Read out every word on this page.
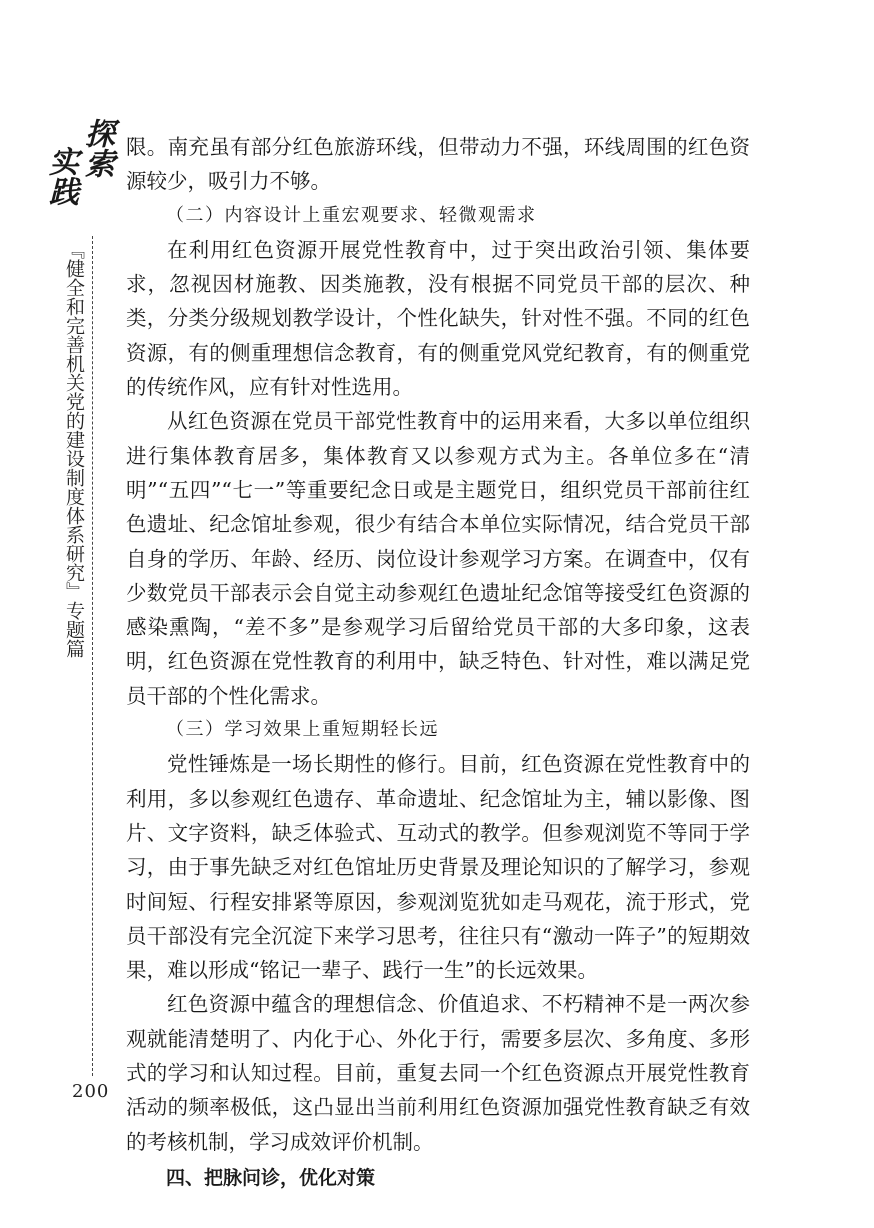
探索
实践
『健全和完善机关党的建设制度体系研究』专题篇
200

限。南充虽有部分红色旅游环线，但带动力不强，环线周围的红色资源较少，吸引力不够。

（二）内容设计上重宏观要求、轻微观需求

在利用红色资源开展党性教育中，过于突出政治引领、集体要求，忽视因材施教、因类施教，没有根据不同党员干部的层次、种类，分类分级规划教学设计，个性化缺失，针对性不强。不同的红色资源，有的侧重理想信念教育，有的侧重党风党纪教育，有的侧重党的传统作风，应有针对性选用。

从红色资源在党员干部党性教育中的运用来看，大多以单位组织进行集体教育居多，集体教育又以参观方式为主。各单位多在“清明”“五四”“七一”等重要纪念日或是主题党日，组织党员干部前往红色遗址、纪念馆址参观，很少有结合本单位实际情况，结合党员干部自身的学历、年龄、经历、岗位设计参观学习方案。在调查中，仅有少数党员干部表示会自觉主动参观红色遗址纪念馆等接受红色资源的感染熏陶，“差不多”是参观学习后留给党员干部的大多印象，这表明，红色资源在党性教育的利用中，缺乏特色、针对性，难以满足党员干部的个性化需求。

（三）学习效果上重短期轻长远

党性锤炼是一场长期性的修行。目前，红色资源在党性教育中的利用，多以参观红色遗存、革命遗址、纪念馆址为主，辅以影像、图片、文字资料，缺乏体验式、互动式的教学。但参观浏览不等同于学习，由于事先缺乏对红色馆址历史背景及理论知识的了解学习，参观时间短、行程安排紧等原因，参观浏览犹如走马观花，流于形式，党员干部没有完全沉淀下来学习思考，往往只有“激动一阵子”的短期效果，难以形成“铭记一辈子、践行一生”的长远效果。

红色资源中蕴含的理想信念、价值追求、不朽精神不是一两次参观就能清楚明了、内化于心、外化于行，需要多层次、多角度、多形式的学习和认知过程。目前，重复去同一个红色资源点开展党性教育活动的频率极低，这凸显出当前利用红色资源加强党性教育缺乏有效的考核机制，学习成效评价机制。

四、把脉问诊，优化对策
